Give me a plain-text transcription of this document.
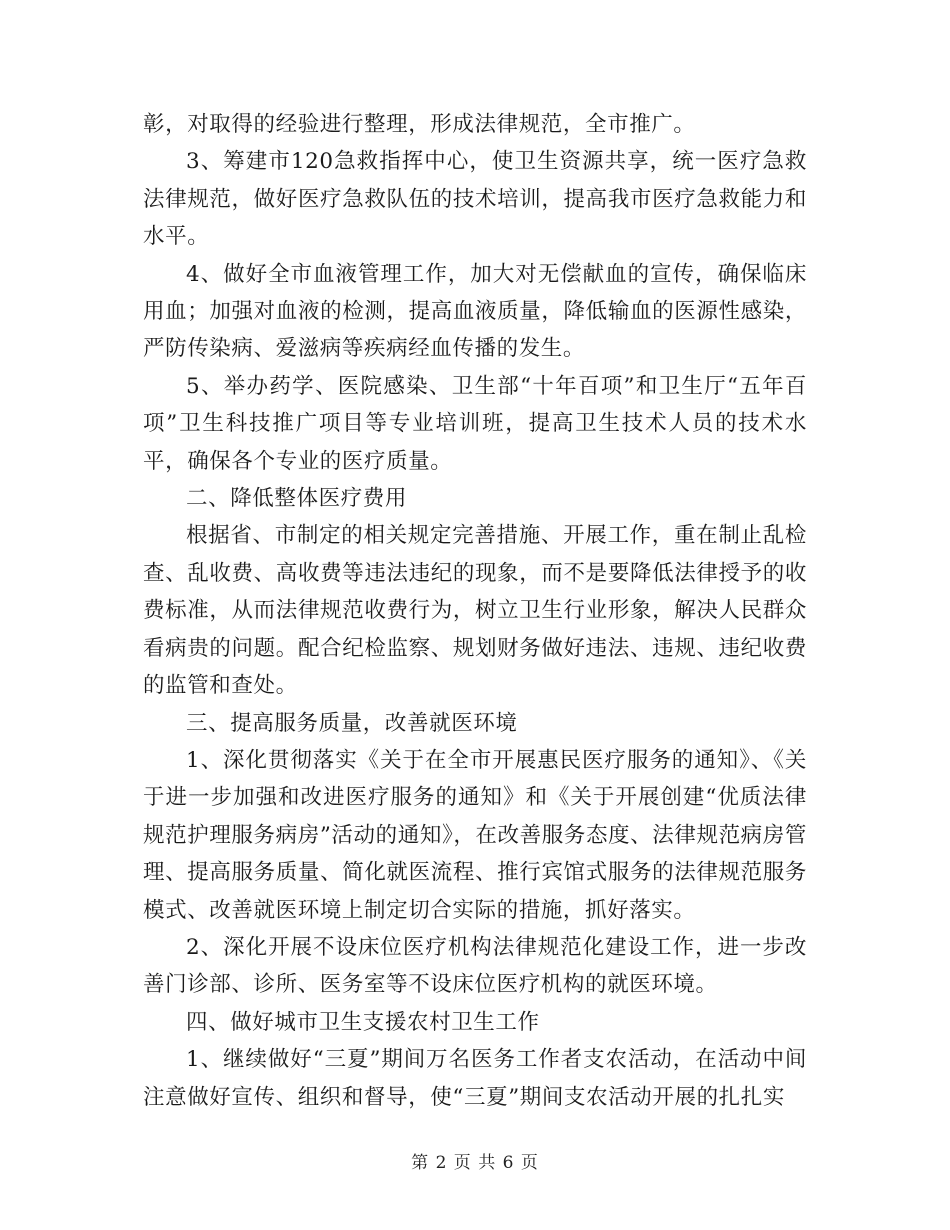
彰，对取得的经验进行整理，形成法律规范，全市推广。

3、筹建市120急救指挥中心，使卫生资源共享，统一医疗急救法律规范，做好医疗急救队伍的技术培训，提高我市医疗急救能力和水平。

4、做好全市血液管理工作，加大对无偿献血的宣传，确保临床用血；加强对血液的检测，提高血液质量，降低输血的医源性感染，严防传染病、爱滋病等疾病经血传播的发生。

5、举办药学、医院感染、卫生部“十年百项”和卫生厅“五年百项”卫生科技推广项目等专业培训班，提高卫生技术人员的技术水平，确保各个专业的医疗质量。

二、降低整体医疗费用

根据省、市制定的相关规定完善措施、开展工作，重在制止乱检查、乱收费、高收费等违法违纪的现象，而不是要降低法律授予的收费标准，从而法律规范收费行为，树立卫生行业形象，解决人民群众看病贵的问题。配合纪检监察、规划财务做好违法、违规、违纪收费的监管和查处。

三、提高服务质量，改善就医环境

1、深化贯彻落实《关于在全市开展惠民医疗服务的通知》、《关于进一步加强和改进医疗服务的通知》和《关于开展创建“优质法律规范护理服务病房”活动的通知》，在改善服务态度、法律规范病房管理、提高服务质量、简化就医流程、推行宾馆式服务的法律规范服务模式、改善就医环境上制定切合实际的措施，抓好落实。

2、深化开展不设床位医疗机构法律规范化建设工作，进一步改善门诊部、诊所、医务室等不设床位医疗机构的就医环境。

四、做好城市卫生支援农村卫生工作

1、继续做好“三夏”期间万名医务工作者支农活动，在活动中间注意做好宣传、组织和督导，使“三夏”期间支农活动开展的扎扎实

第 2 页 共 6 页
